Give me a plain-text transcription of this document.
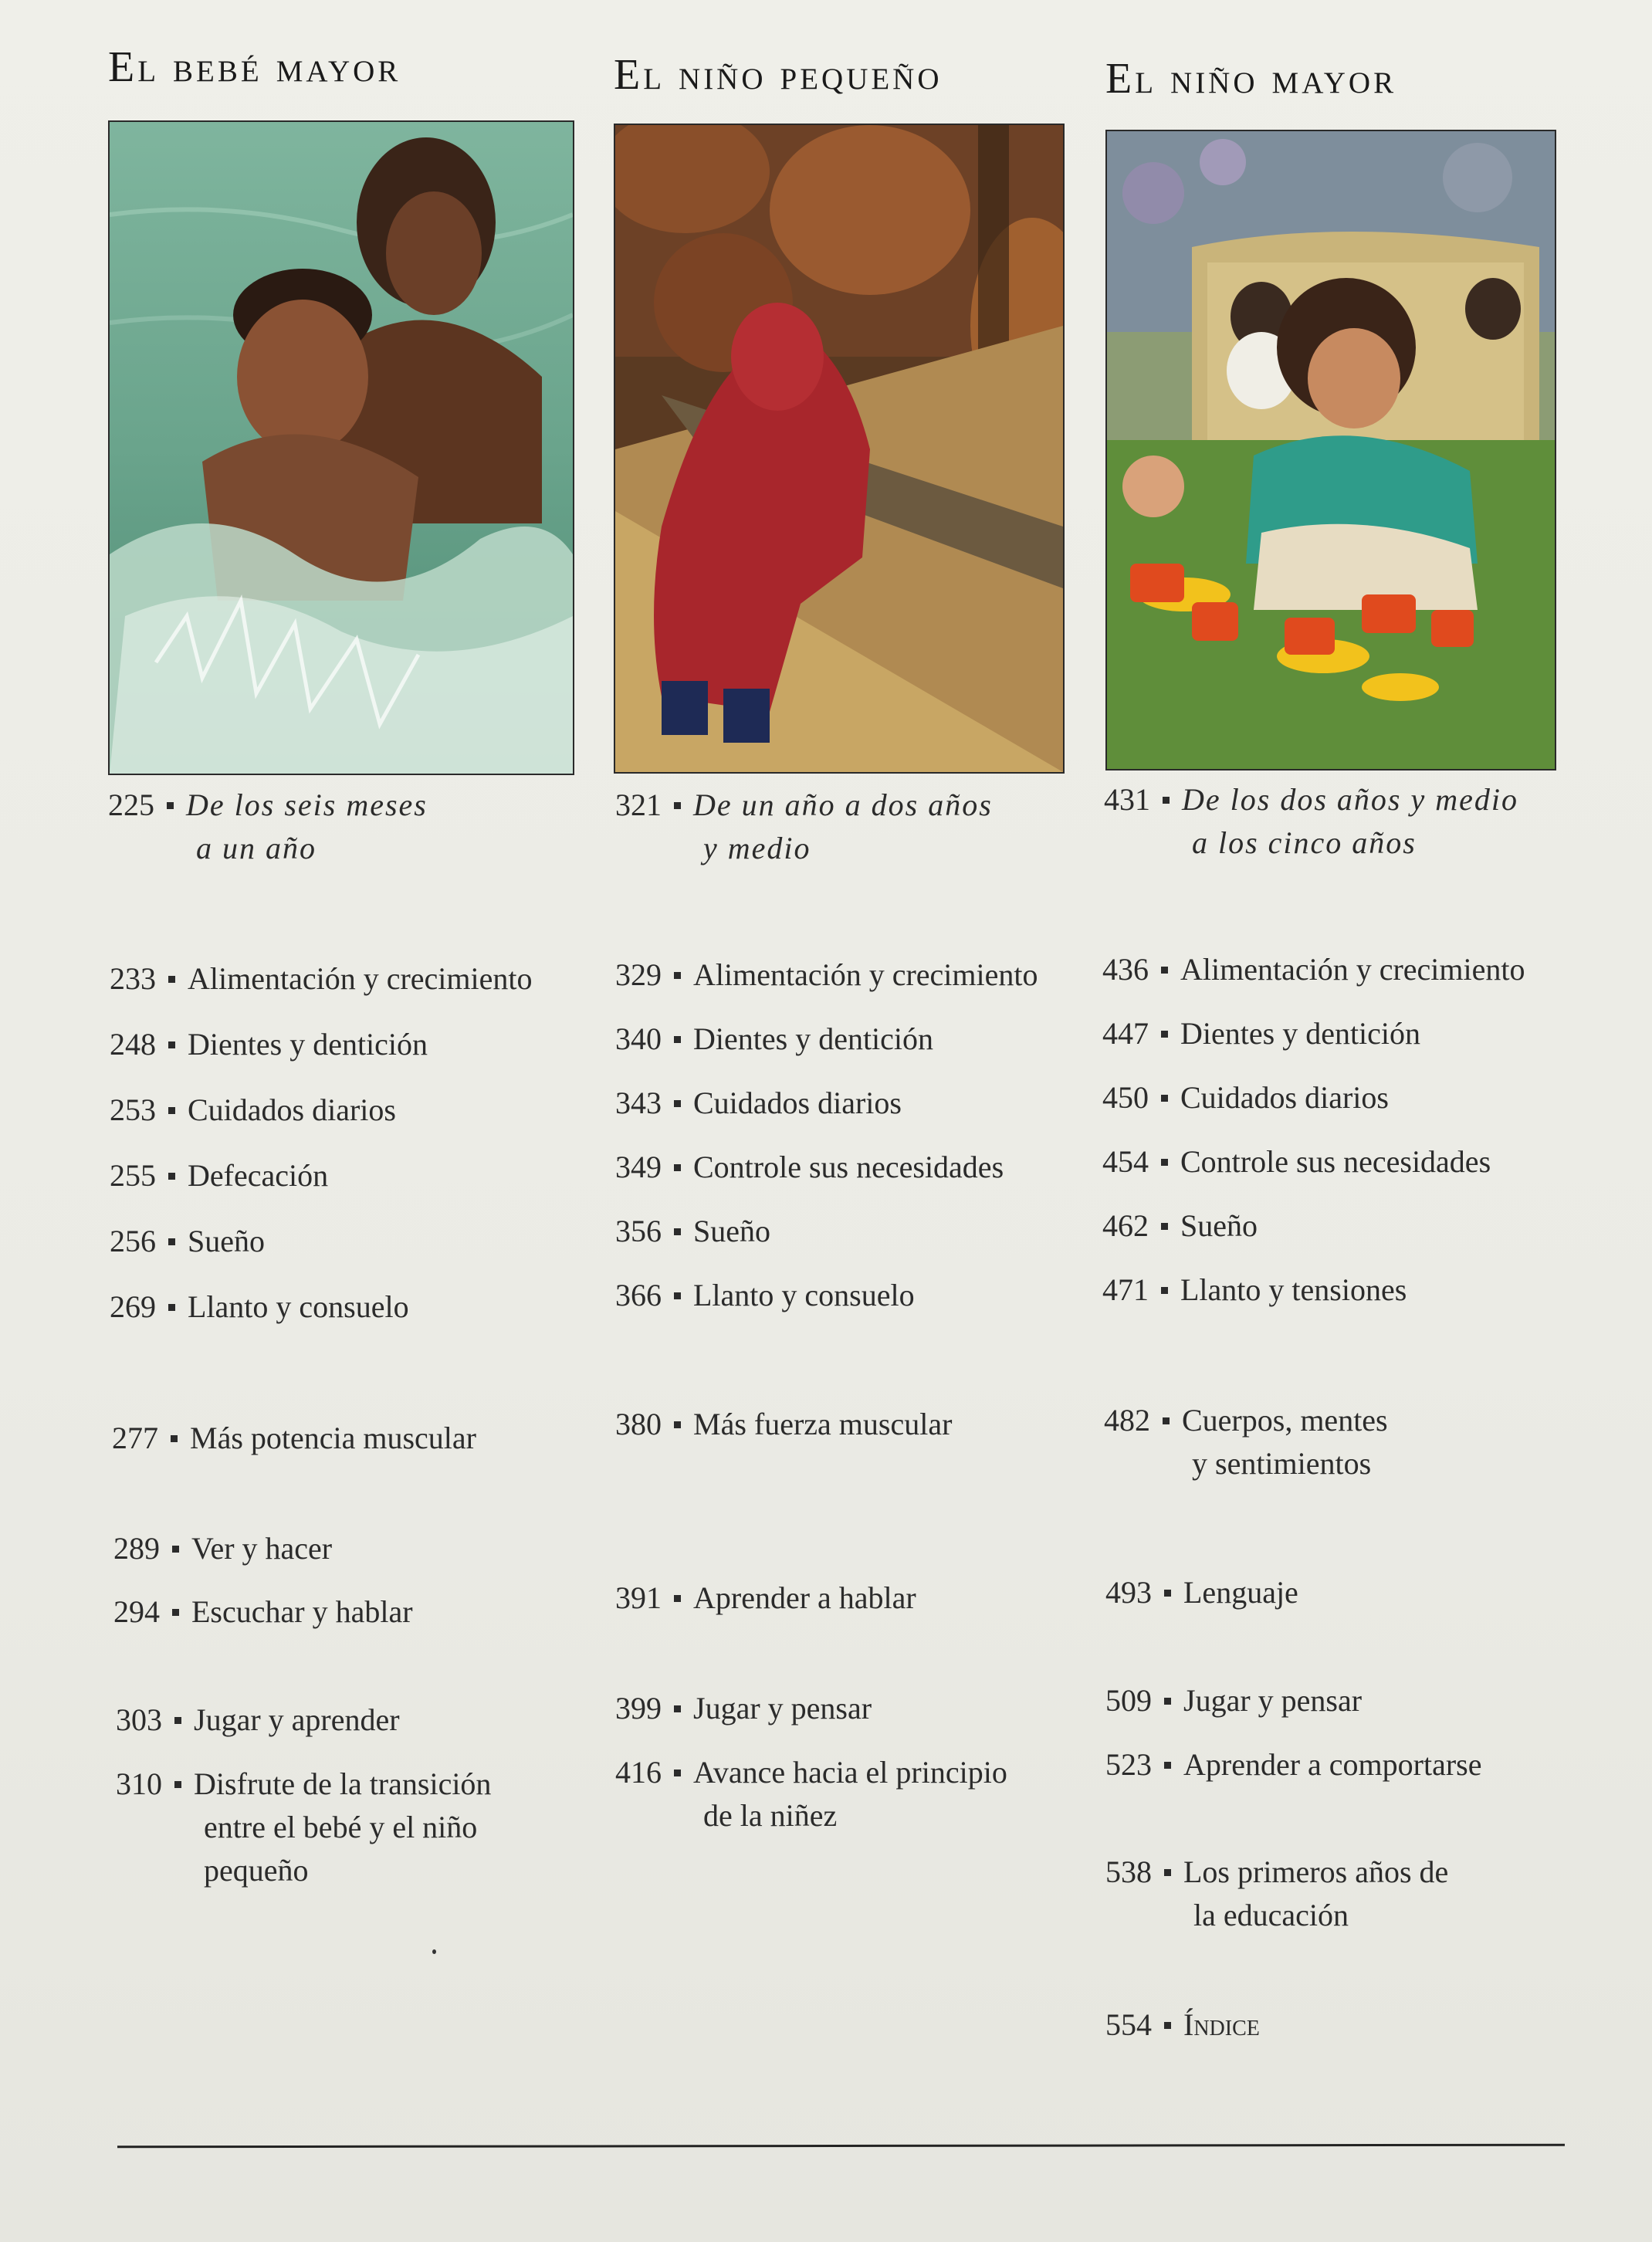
El bebé mayor	El niño pequeño	El niño mayor
225 De los seis meses
a un año
233 Alimentación y crecimiento
248 Dientes y dentición
253 Cuidados diarios
255 Defecación
256 Sueño
269 Llanto y consuelo
277 Más potencia muscular
289 Ver y hacer
294 Escuchar y hablar
303 Jugar y aprender
310 Disfrute de la transición
entre el bebé y el niño
pequeño
321 De un año a dos años
y medio
329 Alimentación y crecimiento
340 Dientes y dentición
343 Cuidados diarios
349 Controle sus necesidades
356 Sueño
366 Llanto y consuelo
380 Más fuerza muscular
391 Aprender a hablar
399 Jugar y pensar
416 Avance hacia el principio
de la niñez
431 De los dos años y medio
a los cinco años
436 Alimentación y crecimiento
447 Dientes y dentición
450 Cuidados diarios
454 Controle sus necesidades
462 Sueño
471 Llanto y tensiones
482 Cuerpos, mentes
y sentimientos
493 Lenguaje
509 Jugar y pensar
523 Aprender a comportarse
538 Los primeros años de
la educación
554 Índice
